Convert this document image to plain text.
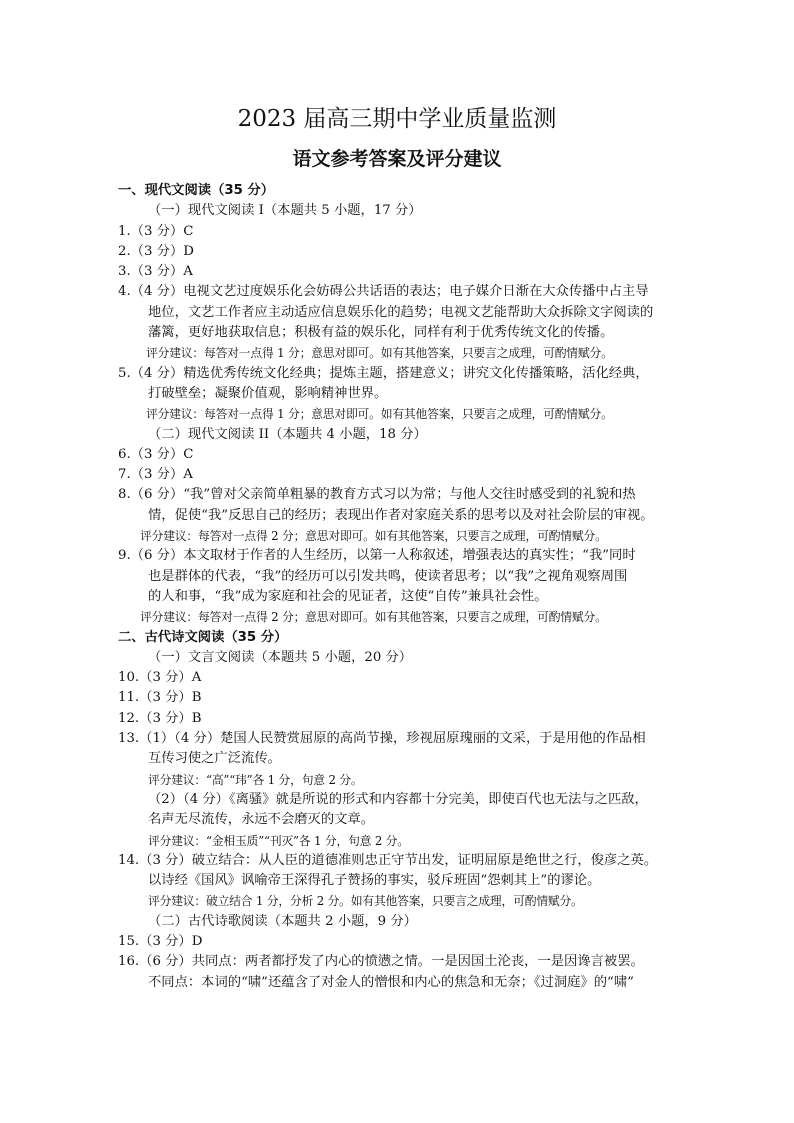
2023 届高三期中学业质量监测
语文参考答案及评分建议
一、现代文阅读（35 分）
（一）现代文阅读 I（本题共 5 小题，17 分）
1.（3 分）C
2.（3 分）D
3.（3 分）A
4.（4 分）电视文艺过度娱乐化会妨碍公共话语的表达；电子媒介日渐在大众传播中占主导
地位，文艺工作者应主动适应信息娱乐化的趋势；电视文艺能帮助大众拆除文字阅读的
藩篱，更好地获取信息；积极有益的娱乐化，同样有利于优秀传统文化的传播。
评分建议：每答对一点得 1 分；意思对即可。如有其他答案，只要言之成理，可酌情赋分。
5.（4 分）精选优秀传统文化经典；提炼主题，搭建意义；讲究文化传播策略，活化经典，
打破壁垒；凝聚价值观，影响精神世界。
评分建议：每答对一点得 1 分；意思对即可。如有其他答案，只要言之成理，可酌情赋分。
（二）现代文阅读 II（本题共 4 小题，18 分）
6.（3 分）C
7.（3 分）A
8.（6 分）“我”曾对父亲简单粗暴的教育方式习以为常；与他人交往时感受到的礼貌和热
情，促使“我”反思自己的经历；表现出作者对家庭关系的思考以及对社会阶层的审视。
评分建议：每答对一点得 2 分；意思对即可。如有其他答案，只要言之成理，可酌情赋分。
9.（6 分）本文取材于作者的人生经历，以第一人称叙述，增强表达的真实性；“我”同时
也是群体的代表，“我”的经历可以引发共鸣，使读者思考；以“我”之视角观察周围
的人和事，“我”成为家庭和社会的见证者，这使“自传”兼具社会性。
评分建议：每答对一点得 2 分；意思对即可。如有其他答案，只要言之成理，可酌情赋分。
二、古代诗文阅读（35 分）
（一）文言文阅读（本题共 5 小题，20 分）
10.（3 分）A
11.（3 分）B
12.（3 分）B
13.（1）（4 分）楚国人民赞赏屈原的高尚节操，珍视屈原瑰丽的文采，于是用他的作品相
互传习使之广泛流传。
评分建议：“高”“玮”各 1 分，句意 2 分。
（2）（4 分）《离骚》就是所说的形式和内容都十分完美，即使百代也无法与之匹敌，
名声无尽流传，永远不会磨灭的文章。
评分建议：“金相玉质”“刊灭”各 1 分，句意 2 分。
14.（3 分）破立结合：从人臣的道德准则忠正守节出发，证明屈原是绝世之行，俊彦之英。
以诗经《国风》讽喻帝王深得孔子赞扬的事实，驳斥班固“怨刺其上”的谬论。
评分建议：破立结合 1 分，分析 2 分。如有其他答案，只要言之成理，可酌情赋分。
（二）古代诗歌阅读（本题共 2 小题，9 分）
15.（3 分）D
16.（6 分）共同点：两者都抒发了内心的愤懑之情。一是因国土沦丧，一是因谗言被罢。
不同点：本词的“啸”还蕴含了对金人的憎恨和内心的焦急和无奈；《过洞庭》的“啸”
